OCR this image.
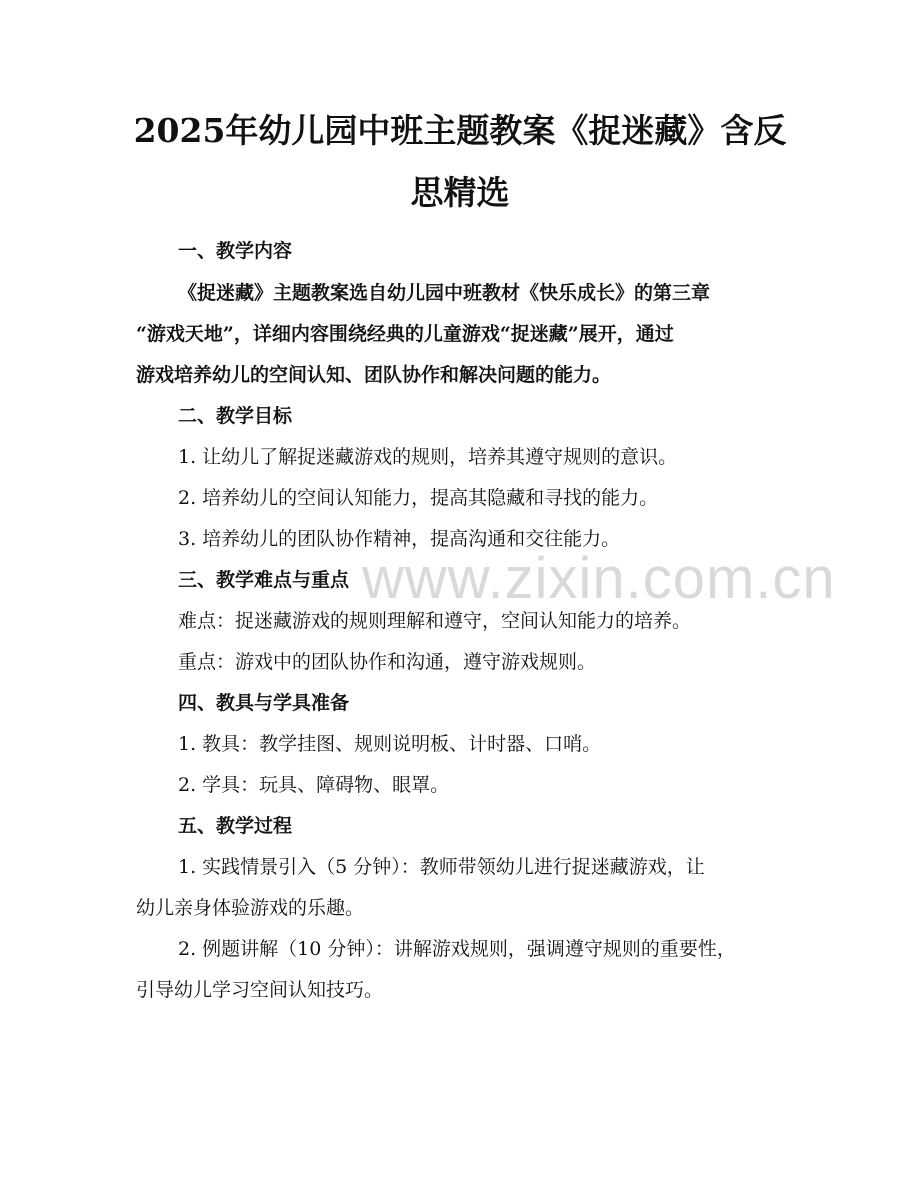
www.zixin.com.cn
2025年幼儿园中班主题教案《捉迷藏》含反
思精选

一、教学内容

《捉迷藏》主题教案选自幼儿园中班教材《快乐成长》的第三章

“游戏天地”，详细内容围绕经典的儿童游戏“捉迷藏”展开，通过

游戏培养幼儿的空间认知、团队协作和解决问题的能力。

二、教学目标

1. 让幼儿了解捉迷藏游戏的规则，培养其遵守规则的意识。

2. 培养幼儿的空间认知能力，提高其隐藏和寻找的能力。

3. 培养幼儿的团队协作精神，提高沟通和交往能力。

三、教学难点与重点

难点：捉迷藏游戏的规则理解和遵守，空间认知能力的培养。

重点：游戏中的团队协作和沟通，遵守游戏规则。

四、教具与学具准备

1. 教具：教学挂图、规则说明板、计时器、口哨。

2. 学具：玩具、障碍物、眼罩。

五、教学过程

1. 实践情景引入（5 分钟）：教师带领幼儿进行捉迷藏游戏，让

幼儿亲身体验游戏的乐趣。

2. 例题讲解（10 分钟）：讲解游戏规则，强调遵守规则的重要性，

引导幼儿学习空间认知技巧。
